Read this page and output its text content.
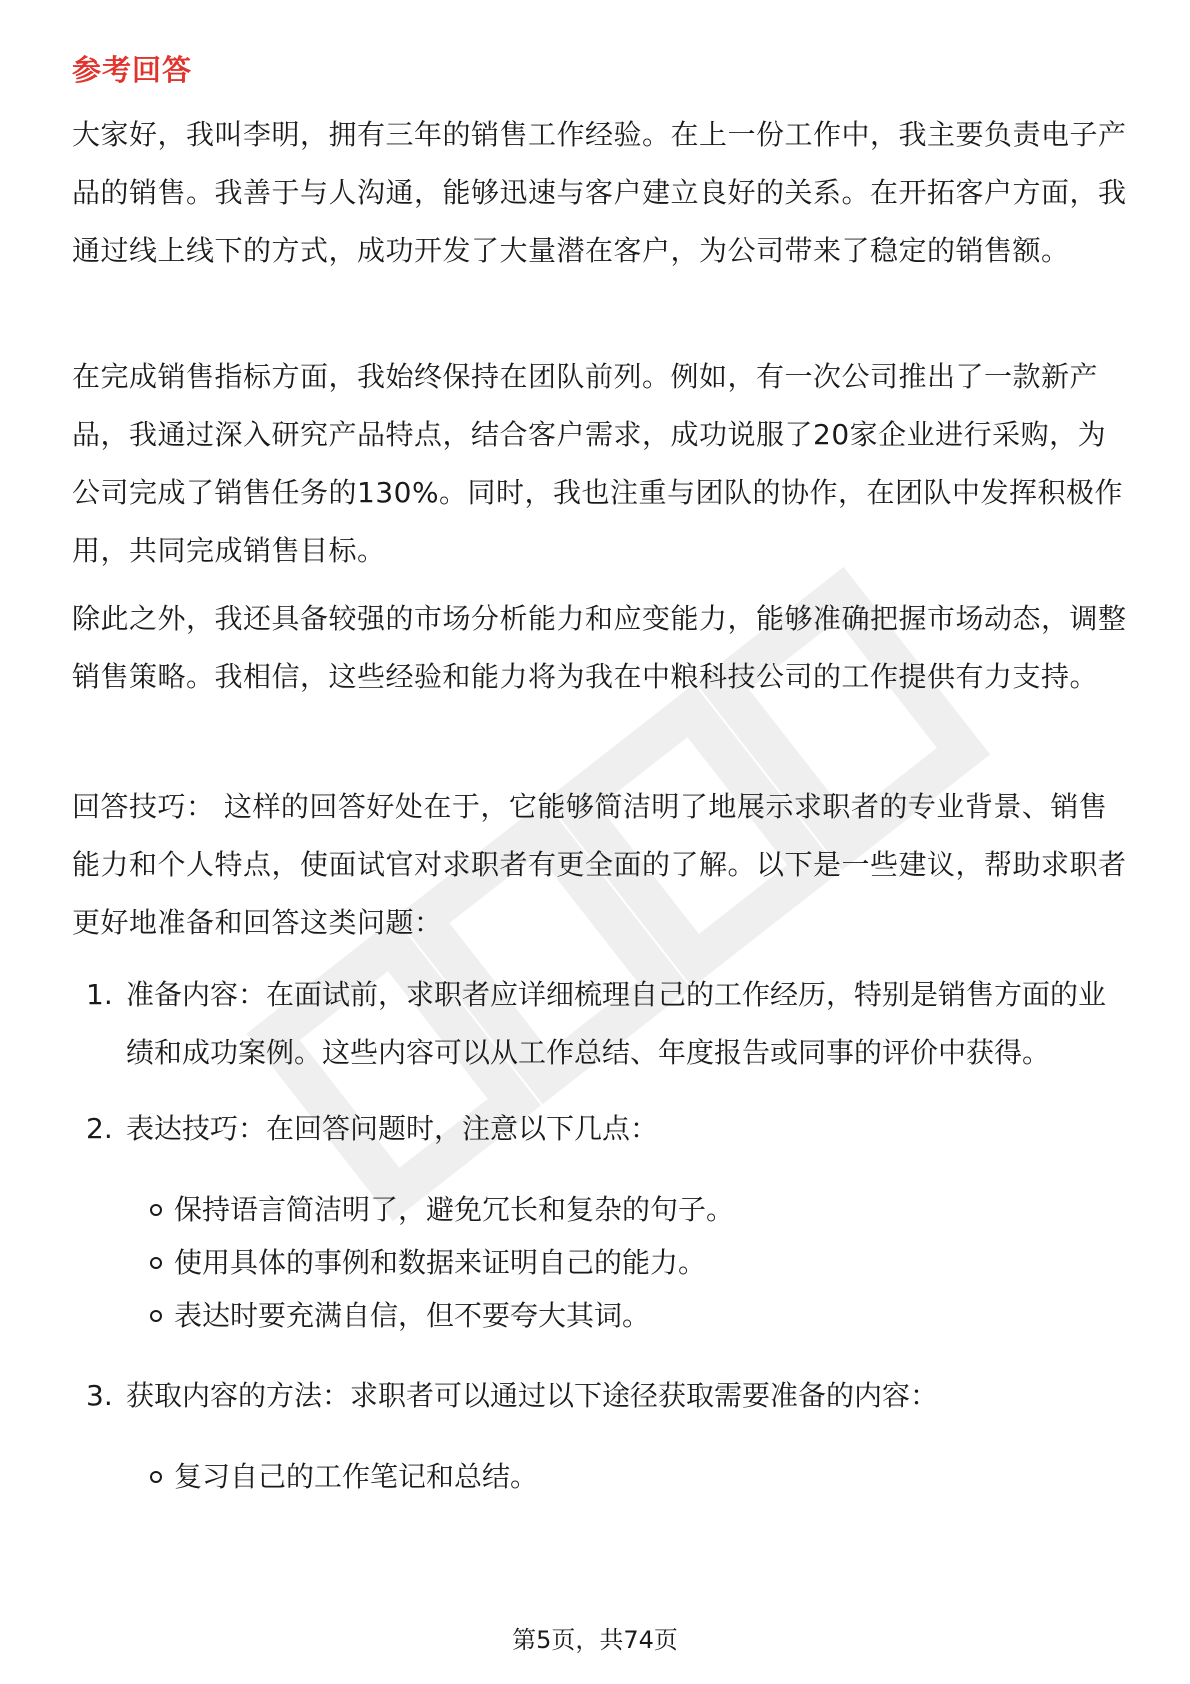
参考回答

大家好，我叫李明，拥有三年的销售工作经验。在上一份工作中，我主要负责电子产品的销售。我善于与人沟通，能够迅速与客户建立良好的关系。在开拓客户方面，我通过线上线下的方式，成功开发了大量潜在客户，为公司带来了稳定的销售额。

在完成销售指标方面，我始终保持在团队前列。例如，有一次公司推出了一款新产品，我通过深入研究产品特点，结合客户需求，成功说服了20家企业进行采购，为公司完成了销售任务的130%。同时，我也注重与团队的协作，在团队中发挥积极作用，共同完成销售目标。

除此之外，我还具备较强的市场分析能力和应变能力，能够准确把握市场动态，调整销售策略。我相信，这些经验和能力将为我在中粮科技公司的工作提供有力支持。

回答技巧： 这样的回答好处在于，它能够简洁明了地展示求职者的专业背景、销售能力和个人特点，使面试官对求职者有更全面的了解。以下是一些建议，帮助求职者更好地准备和回答这类问题：

1. 准备内容：在面试前，求职者应详细梳理自己的工作经历，特别是销售方面的业绩和成功案例。这些内容可以从工作总结、年度报告或同事的评价中获得。
2. 表达技巧：在回答问题时，注意以下几点：
保持语言简洁明了，避免冗长和复杂的句子。
使用具体的事例和数据来证明自己的能力。
表达时要充满自信，但不要夸大其词。
3. 获取内容的方法：求职者可以通过以下途径获取需要准备的内容：
复习自己的工作笔记和总结。

第5页，共74页
